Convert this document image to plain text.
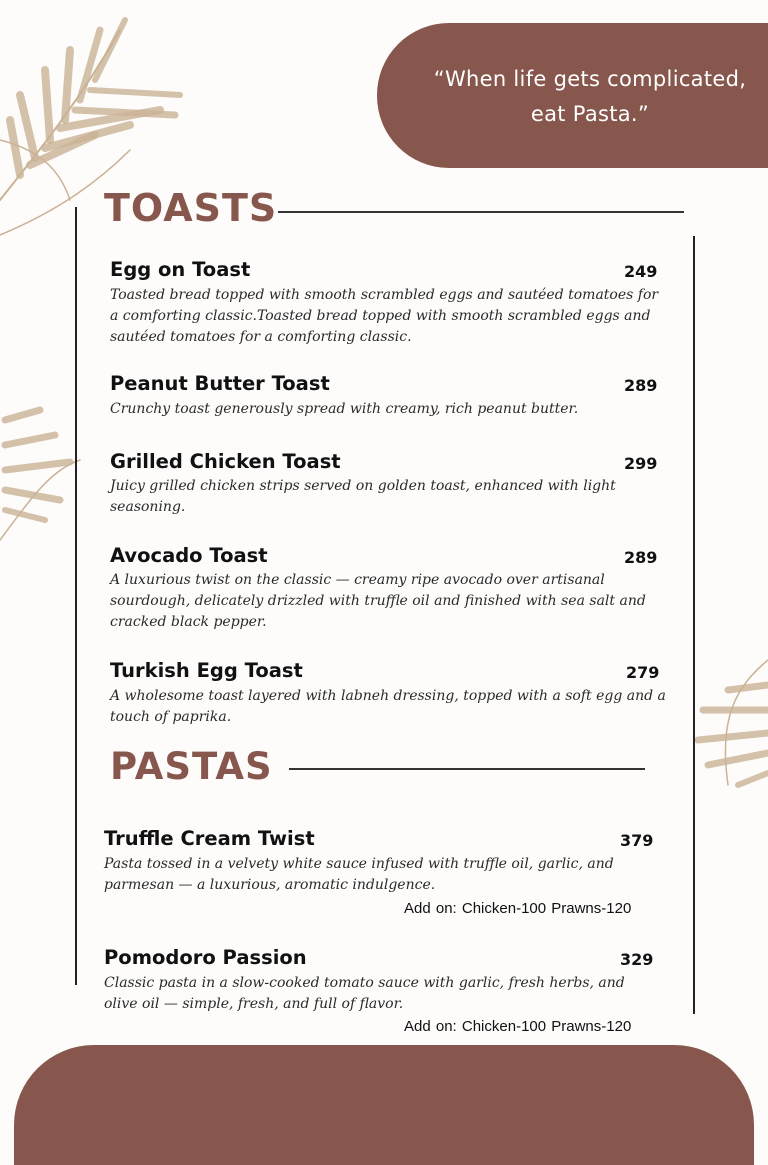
“When life gets complicated,
eat Pasta.”
TOASTS
Egg on Toast	249
Toasted bread topped with smooth scrambled eggs and sautéed tomatoes for a comforting classic.Toasted bread topped with smooth scrambled eggs and sautéed tomatoes for a comforting classic.
Peanut Butter Toast	289
Crunchy toast generously spread with creamy, rich peanut butter.
Grilled Chicken Toast	299
Juicy grilled chicken strips served on golden toast, enhanced with light seasoning.
Avocado Toast	289
A luxurious twist on the classic — creamy ripe avocado over artisanal sourdough, delicately drizzled with truffle oil and finished with sea salt and cracked black pepper.
Turkish Egg Toast	279
A wholesome toast layered with labneh dressing, topped with a soft egg and a touch of paprika.
PASTAS
Truffle Cream Twist	379
Pasta tossed in a velvety white sauce infused with truffle oil, garlic, and parmesan — a luxurious, aromatic indulgence.
Add on: Chicken-100 Prawns-120
Pomodoro Passion	329
Classic pasta in a slow-cooked tomato sauce with garlic, fresh herbs, and olive oil — simple, fresh, and full of flavor.
Add on: Chicken-100 Prawns-120
